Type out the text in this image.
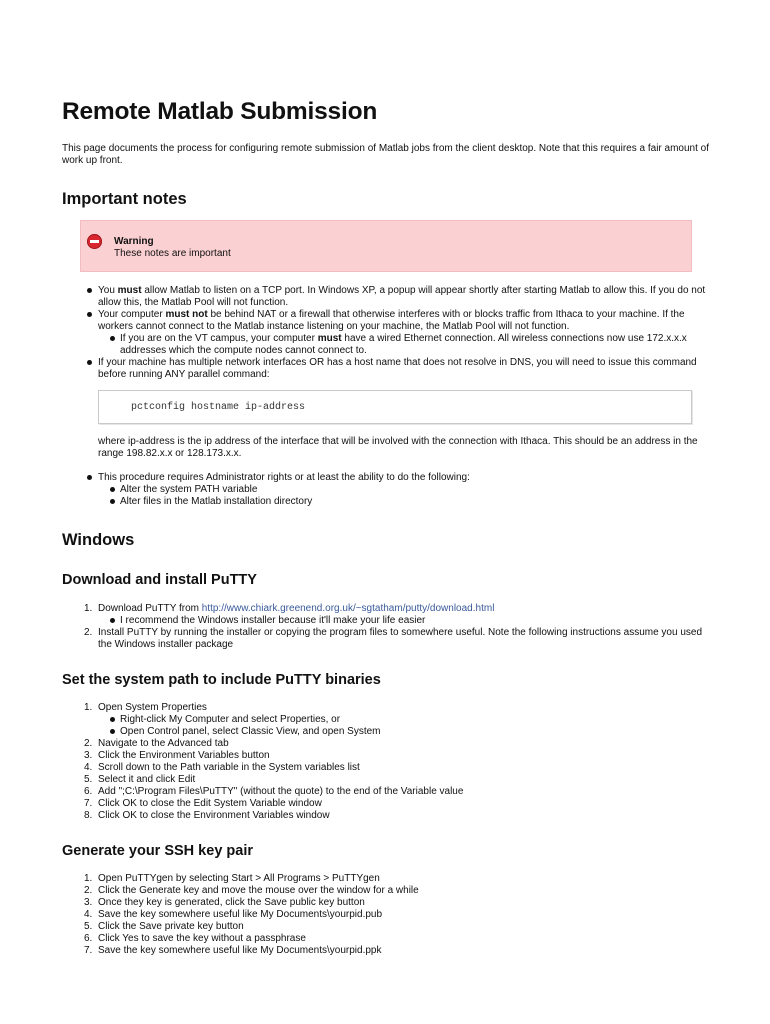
Remote Matlab Submission

This page documents the process for configuring remote submission of Matlab jobs from the client desktop. Note that this requires a fair amount of work up front.

Important notes
Warning
These notes are important
You must allow Matlab to listen on a TCP port. In Windows XP, a popup will appear shortly after starting Matlab to allow this. If you do not allow this, the Matlab Pool will not function.
Your computer must not be behind NAT or a firewall that otherwise interferes with or blocks traffic from Ithaca to your machine. If the workers cannot connect to the Matlab instance listening on your machine, the Matlab Pool will not function.
If you are on the VT campus, your computer must have a wired Ethernet connection. All wireless connections now use 172.x.x.x addresses which the compute nodes cannot connect to.
If your machine has multiple network interfaces OR has a host name that does not resolve in DNS, you will need to issue this command before running ANY parallel command:
pctconfig hostname ip-address

where ip-address is the ip address of the interface that will be involved with the connection with Ithaca. This should be an address in the range 198.82.x.x or 128.173.x.x.

This procedure requires Administrator rights or at least the ability to do the following:
Alter the system PATH variable
Alter files in the Matlab installation directory
Windows
Download and install PuTTY
1. Download PuTTY from http://www.chiark.greenend.org.uk/~sgtatham/putty/download.html
I recommend the Windows installer because it'll make your life easier
2. Install PuTTY by running the installer or copying the program files to somewhere useful. Note the following instructions assume you used the Windows installer package
Set the system path to include PuTTY binaries
1. Open System Properties
Right-click My Computer and select Properties, or
Open Control panel, select Classic View, and open System
2. Navigate to the Advanced tab
3. Click the Environment Variables button
4. Scroll down to the Path variable in the System variables list
5. Select it and click Edit
6. Add ";C:\Program Files\PuTTY" (without the quote) to the end of the Variable value
7. Click OK to close the Edit System Variable window
8. Click OK to close the Environment Variables window
Generate your SSH key pair
1. Open PuTTYgen by selecting Start > All Programs > PuTTYgen
2. Click the Generate key and move the mouse over the window for a while
3. Once they key is generated, click the Save public key button
4. Save the key somewhere useful like My Documents\yourpid.pub
5. Click the Save private key button
6. Click Yes to save the key without a passphrase
7. Save the key somewhere useful like My Documents\yourpid.ppk
